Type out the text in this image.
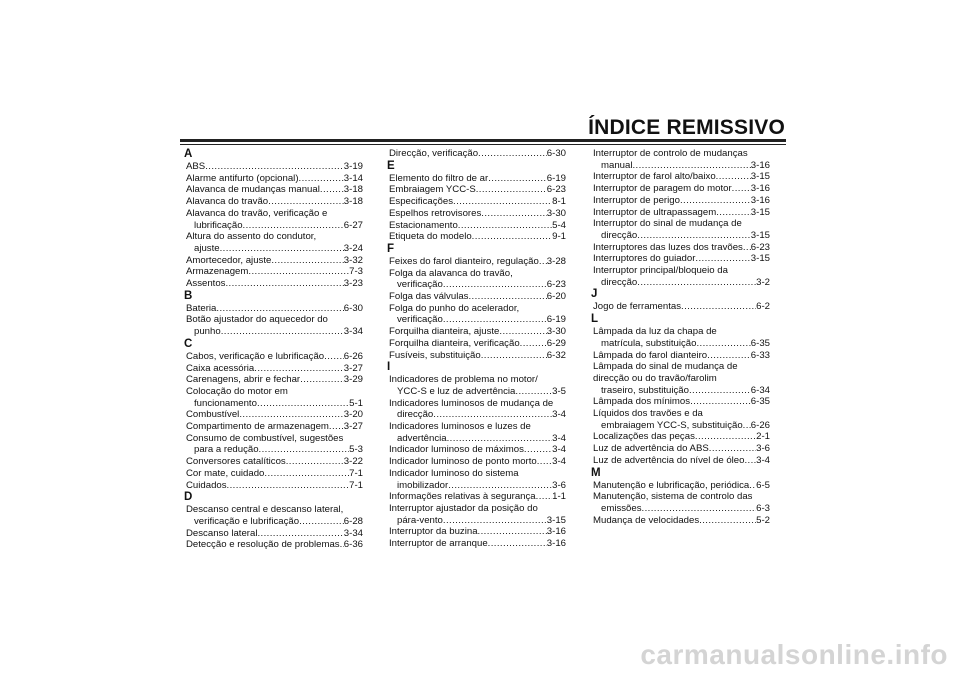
ÍNDICE REMISSIVO
A
ABS .....	3-19
Alarme antifurto (opcional) .....	3-14
Alavanca de mudanças manual ..... 3-18
Alavanca do travão .....	3-18
Alavanca do travão, verificação e
lubrificação .....	6-27
Altura do assento do condutor,
ajuste .....	3-24
Amortecedor, ajuste .....	3-32
Armazenagem .....	7-3
Assentos .....	3-23
B
Bateria .....	6-30
Botão ajustador do aquecedor do
punho .....	3-34
C
Cabos, verificação e lubrificação ..... 6-26
Caixa acessória .....	3-27
Carenagens, abrir e fechar .....	3-29
Colocação do motor em
funcionamento .....	5-1
Combustível .....	3-20
Compartimento de armazenagem ..... 3-27
Consumo de combustível, sugestões
para a redução .....	5-3
Conversores catalíticos .....	3-22
Cor mate, cuidado .....	7-1
Cuidados .....	7-1
D
Descanso central e descanso lateral,
verificação e lubrificação .....	6-28
Descanso lateral .....	3-34
Detecção e resolução de problemas ..... 6-36
Direcção, verificação .....	6-30
E
Elemento do filtro de ar .....	6-19
Embraiagem YCC-S .....	6-23
Especificações .....	8-1
Espelhos retrovisores .....	3-30
Estacionamento .....	5-4
Etiqueta do modelo .....	9-1
F
Feixes do farol dianteiro, regulação ..... 3-28
Folga da alavanca do travão,
verificação .....	6-23
Folga das válvulas .....	6-20
Folga do punho do acelerador,
verificação .....	6-19
Forquilha dianteira, ajuste .....	3-30
Forquilha dianteira, verificação .....	6-29
Fusíveis, substituição .....	6-32
I
Indicadores de problema no motor/
YCC-S e luz de advertência .....	3-5
Indicadores luminosos de mudança de
direcção .....	3-4
Indicadores luminosos e luzes de
advertência .....	3-4
Indicador luminoso de máximos .....	3-4
Indicador luminoso de ponto morto ..... 3-4
Indicador luminoso do sistema
imobilizador .....	3-6
Informações relativas à segurança ..... 1-1
Interruptor ajustador da posição do
pára-vento .....	3-15
Interruptor da buzina .....	3-16
Interruptor de arranque .....	3-16
Interruptor de controlo de mudanças
manual .....	3-16
Interruptor de farol alto/baixo .....	3-15
Interruptor de paragem do motor ..... 3-16
Interruptor de perigo .....	3-16
Interruptor de ultrapassagem .....	3-15
Interruptor do sinal de mudança de
direcção .....	3-15
Interruptores das luzes dos travões ..... 6-23
Interruptores do guiador .....	3-15
Interruptor principal/bloqueio da
direcção .....	3-2
J
Jogo de ferramentas .....	6-2
L
Lâmpada da luz da chapa de
matrícula, substituição .....	6-35
Lâmpada do farol dianteiro .....	6-33
Lâmpada do sinal de mudança de
direcção ou do travão/farolim
traseiro, substituição .....	6-34
Lâmpada dos mínimos .....	6-35
Líquidos dos travões e da
embraiagem YCC-S, substituição ..... 6-26
Localizações das peças .....	2-1
Luz de advertência do ABS .....	3-6
Luz de advertência do nível de óleo ..... 3-4
M
Manutenção e lubrificação, periódica ..... 6-5
Manutenção, sistema de controlo das
emissões .....	6-3
Mudança de velocidades .....	5-2
carmanualsonline.info
